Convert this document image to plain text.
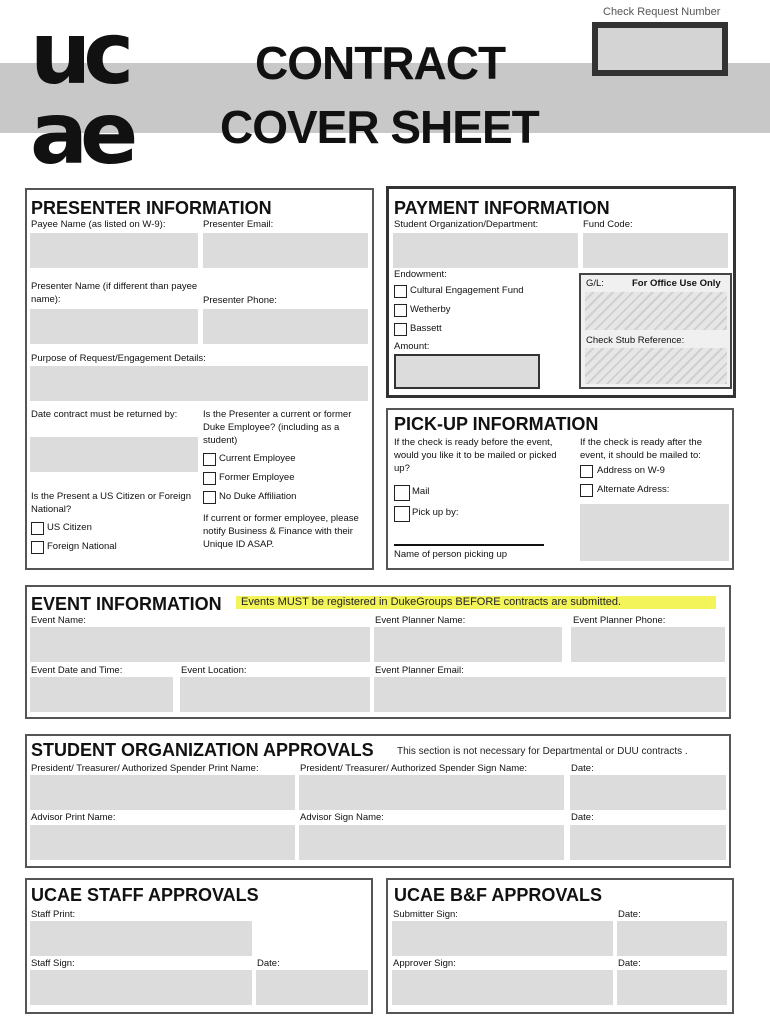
uc
ae
CONTRACT
COVER SHEET
Check Request Number
PRESENTER INFORMATION
Payee Name (as listed on W-9):	Presenter Email:
Presenter Name (if different than payee name):	Presenter Phone:
Purpose of Request/Engagement Details:
Date contract must be returned by:	Is the Presenter a current or former Duke Employee? (including as a student)
Current Employee
Former Employee
No Duke Affiliation
Is the Present a US Citizen or Foreign National?
US Citizen
Foreign National
If current or former employee, please notify Business & Finance with their Unique ID ASAP.
PAYMENT INFORMATION
Student Organization/Department:	Fund Code:
Endowment:
Cultural Engagement Fund
Wetherby
Bassett
Amount:
G/L:	For Office Use Only
Check Stub Reference:
PICK-UP INFORMATION
If the check is ready before the event, would you like it to be mailed or picked up?
If the check is ready after the event, it should be mailed to:
Mail
Pick up by:
Address on W-9
Alternate Adress:
Name of person picking up
EVENT INFORMATION Events MUST be registered in DukeGroups BEFORE contracts are submitted.
Event Name:	Event Planner Name:	Event Planner Phone:
Event Date and Time:	Event Location:	Event Planner Email:
STUDENT ORGANIZATION APPROVALS This section is not necessary for Departmental or DUU contracts .
President/ Treasurer/ Authorized Spender Print Name:	President/ Treasurer/ Authorized Spender Sign Name:	Date:
Advisor Print Name:	Advisor Sign Name:	Date:
UCAE STAFF APPROVALS
Staff Print:
Staff Sign:	Date:
UCAE B&F APPROVALS
Submitter Sign:	Date:
Approver Sign:	Date:
